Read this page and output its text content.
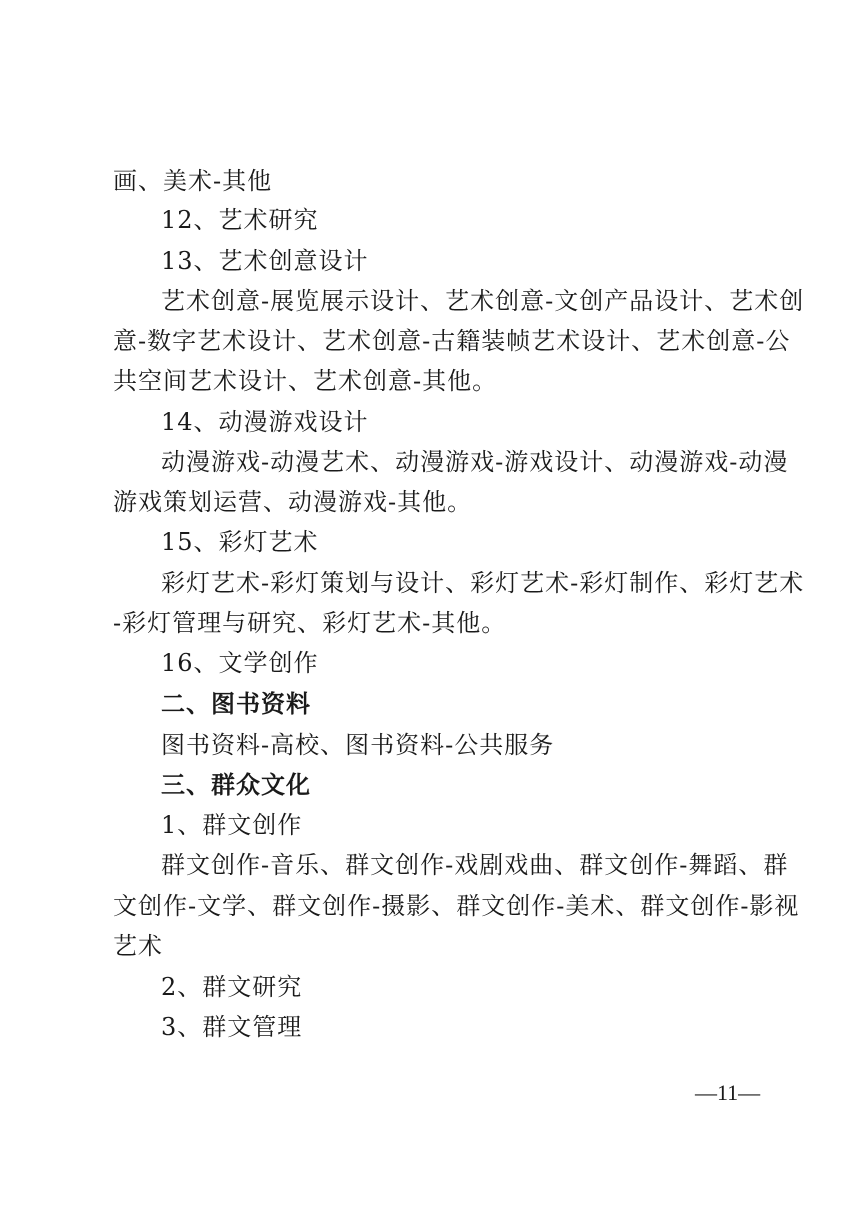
画、美术-其他
12、艺术研究
13、艺术创意设计
艺术创意-展览展示设计、艺术创意-文创产品设计、艺术创
意-数字艺术设计、艺术创意-古籍装帧艺术设计、艺术创意-公
共空间艺术设计、艺术创意-其他。
14、动漫游戏设计
动漫游戏-动漫艺术、动漫游戏-游戏设计、动漫游戏-动漫
游戏策划运营、动漫游戏-其他。
15、彩灯艺术
彩灯艺术-彩灯策划与设计、彩灯艺术-彩灯制作、彩灯艺术
-彩灯管理与研究、彩灯艺术-其他。
16、文学创作
二、图书资料
图书资料-高校、图书资料-公共服务
三、群众文化
1、群文创作
群文创作-音乐、群文创作-戏剧戏曲、群文创作-舞蹈、群
文创作-文学、群文创作-摄影、群文创作-美术、群文创作-影视
艺术
2、群文研究
3、群文管理
—11—
